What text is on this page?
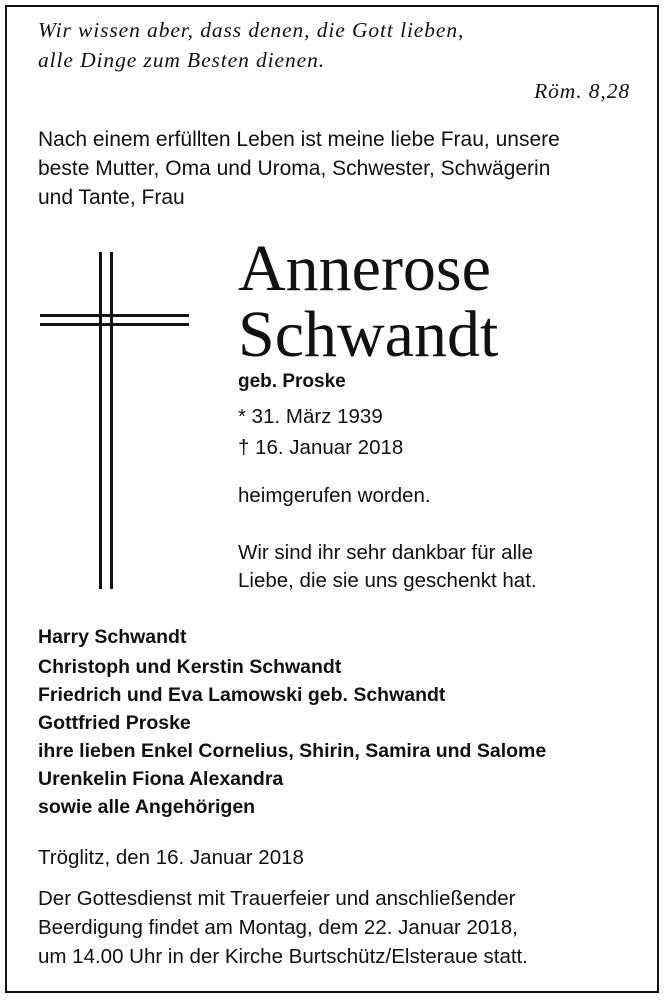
Wir wissen aber, dass denen, die Gott lieben,
alle Dinge zum Besten dienen.
Röm. 8,28
Nach einem erfüllten Leben ist meine liebe Frau, unsere
beste Mutter, Oma und Uroma, Schwester, Schwägerin
und Tante, Frau
Annerose
Schwandt
geb. Proske
* 31. März 1939
† 16. Januar 2018
heimgerufen worden.
Wir sind ihr sehr dankbar für alle
Liebe, die sie uns geschenkt hat.
Harry Schwandt
Christoph und Kerstin Schwandt
Friedrich und Eva Lamowski geb. Schwandt
Gottfried Proske
ihre lieben Enkel Cornelius, Shirin, Samira und Salome
Urenkelin Fiona Alexandra
sowie alle Angehörigen
Tröglitz, den 16. Januar 2018
Der Gottesdienst mit Trauerfeier und anschließender
Beerdigung findet am Montag, dem 22. Januar 2018,
um 14.00 Uhr in der Kirche Burtschütz/Elsteraue statt.
